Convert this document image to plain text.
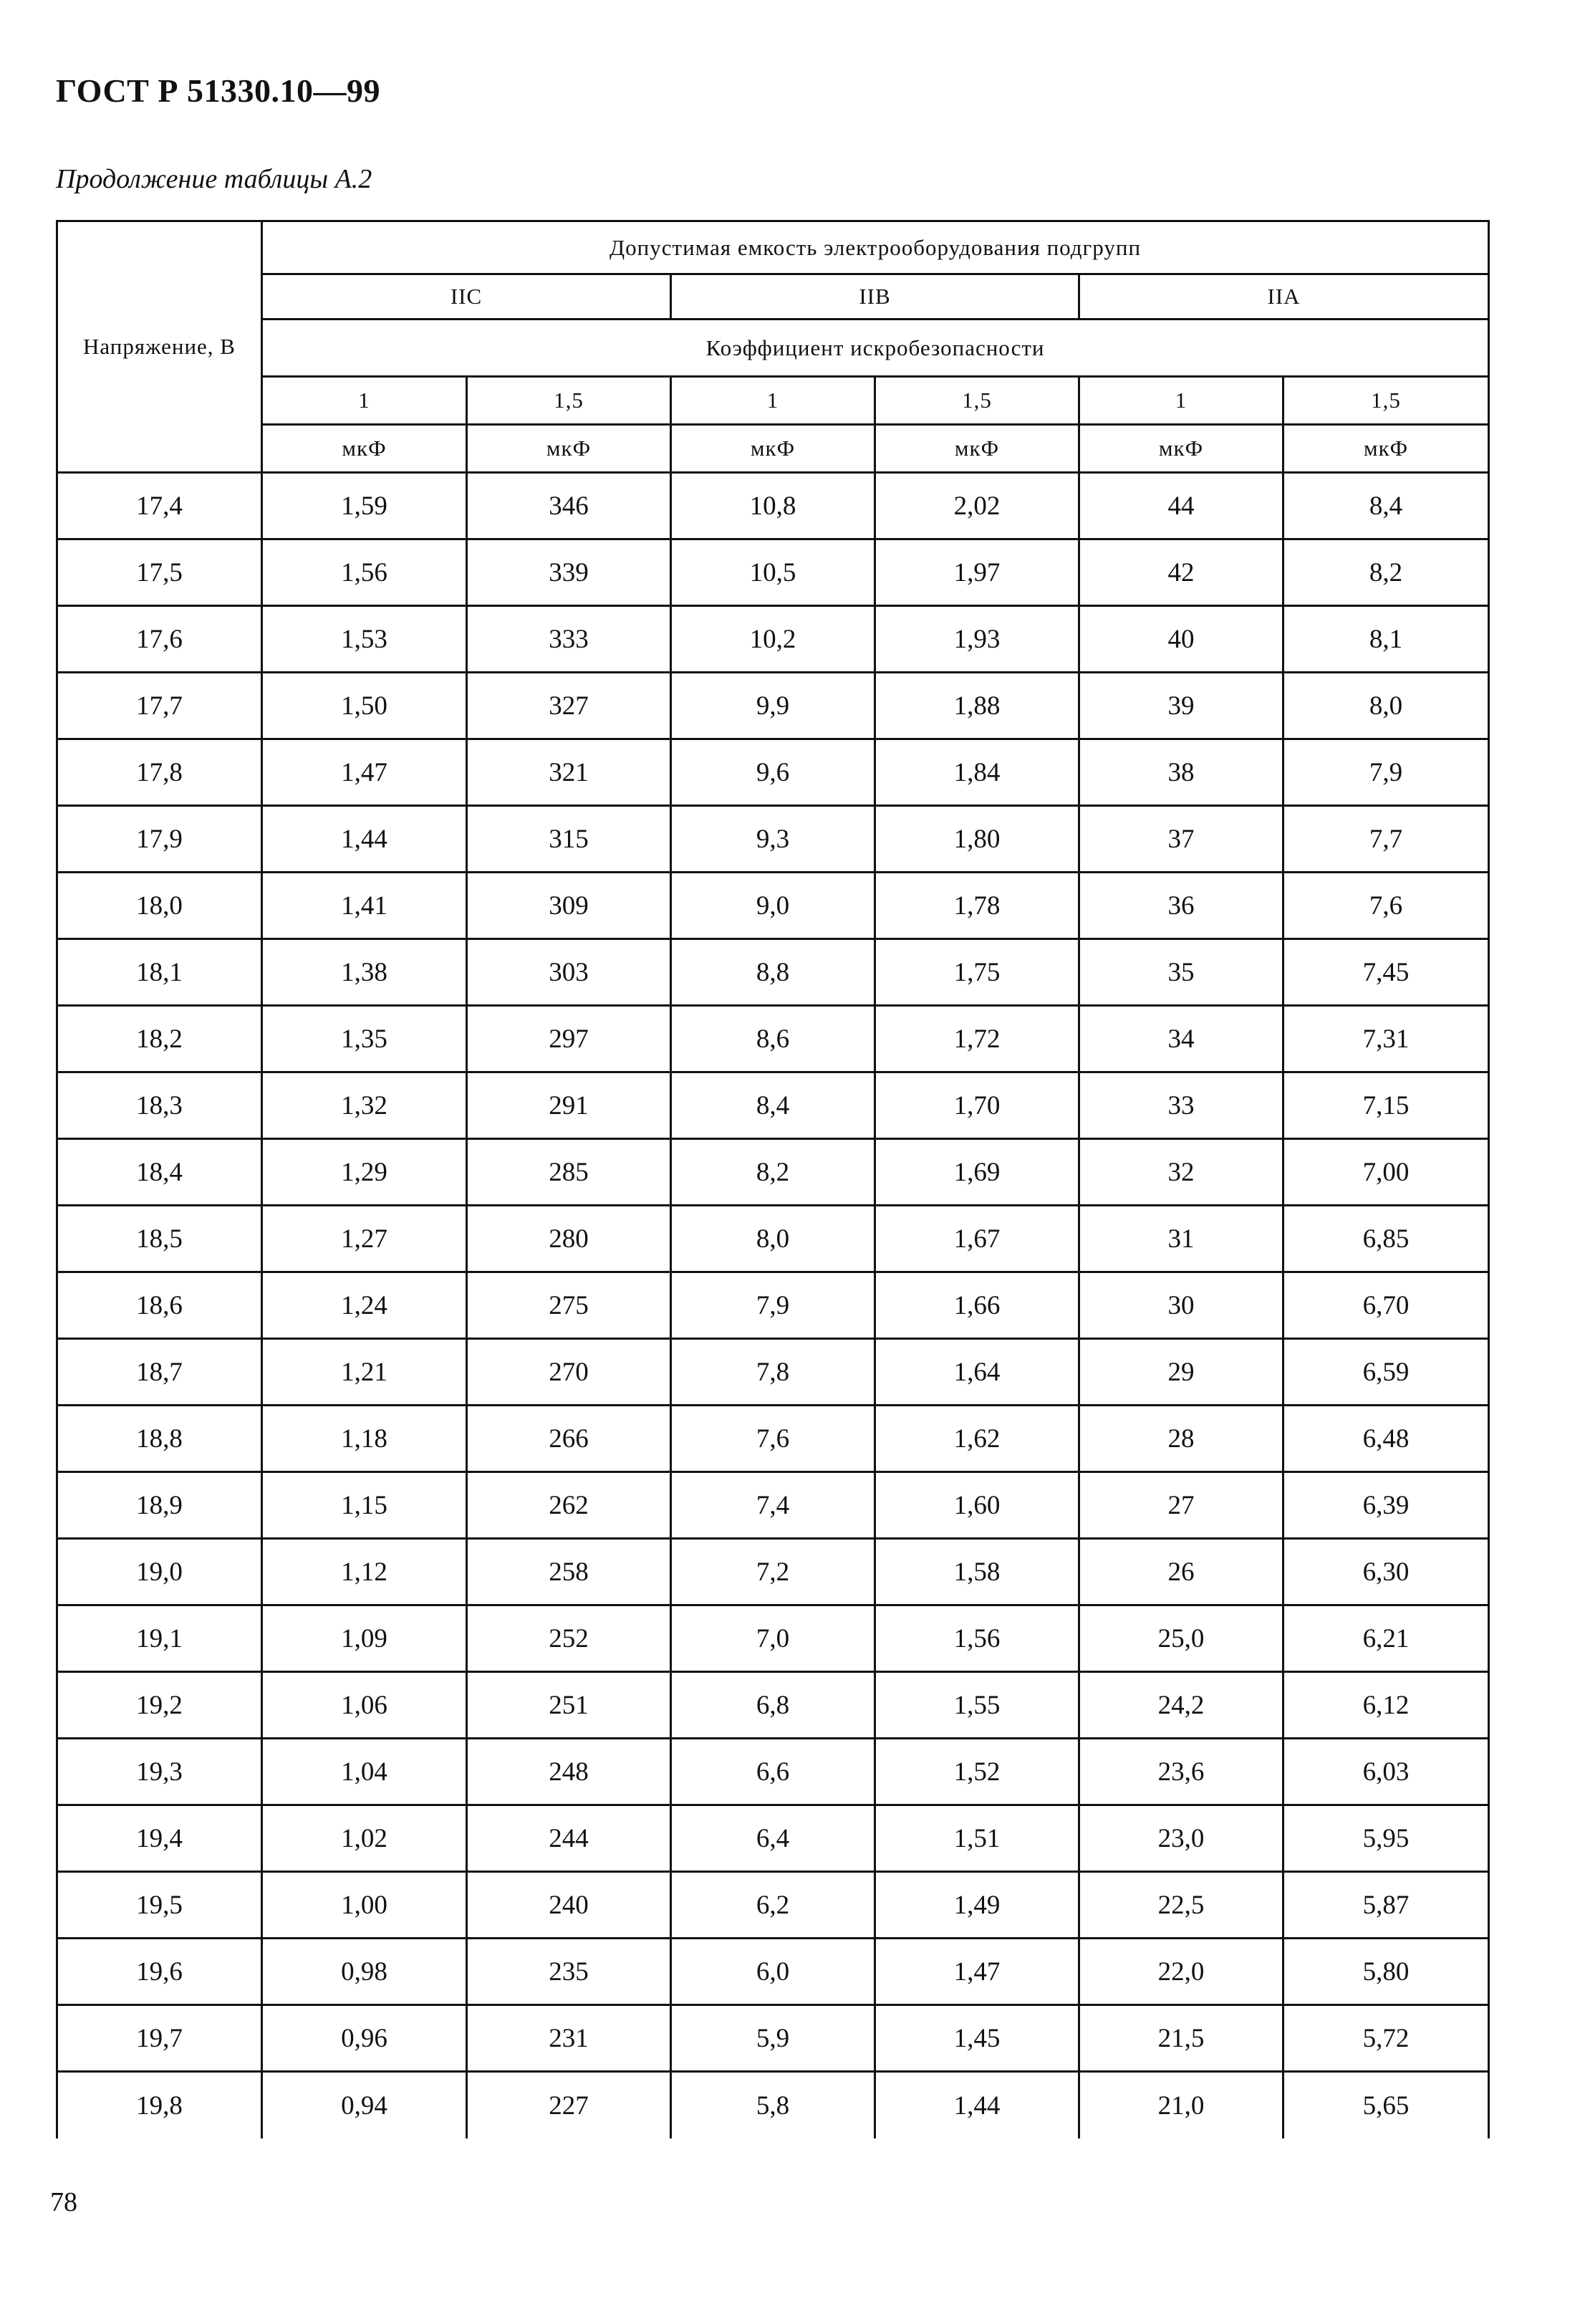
ГОСТ Р 51330.10—99
Продолжение таблицы А.2
Напряжение, В	Допустимая емкость электрооборудования подгрупп					
	IIС		IIВ		IIА	
	Коэффициент искробезопасности					
	1	1,5	1	1,5	1	1,5
	мкФ	мкФ	мкФ	мкФ	мкФ	мкФ
17,4	1,59	346	10,8	2,02	44	8,4
17,5	1,56	339	10,5	1,97	42	8,2
17,6	1,53	333	10,2	1,93	40	8,1
17,7	1,50	327	9,9	1,88	39	8,0
17,8	1,47	321	9,6	1,84	38	7,9
17,9	1,44	315	9,3	1,80	37	7,7
18,0	1,41	309	9,0	1,78	36	7,6
18,1	1,38	303	8,8	1,75	35	7,45
18,2	1,35	297	8,6	1,72	34	7,31
18,3	1,32	291	8,4	1,70	33	7,15
18,4	1,29	285	8,2	1,69	32	7,00
18,5	1,27	280	8,0	1,67	31	6,85
18,6	1,24	275	7,9	1,66	30	6,70
18,7	1,21	270	7,8	1,64	29	6,59
18,8	1,18	266	7,6	1,62	28	6,48
18,9	1,15	262	7,4	1,60	27	6,39
19,0	1,12	258	7,2	1,58	26	6,30
19,1	1,09	252	7,0	1,56	25,0	6,21
19,2	1,06	251	6,8	1,55	24,2	6,12
19,3	1,04	248	6,6	1,52	23,6	6,03
19,4	1,02	244	6,4	1,51	23,0	5,95
19,5	1,00	240	6,2	1,49	22,5	5,87
19,6	0,98	235	6,0	1,47	22,0	5,80
19,7	0,96	231	5,9	1,45	21,5	5,72
19,8	0,94	227	5,8	1,44	21,0	5,65
78
